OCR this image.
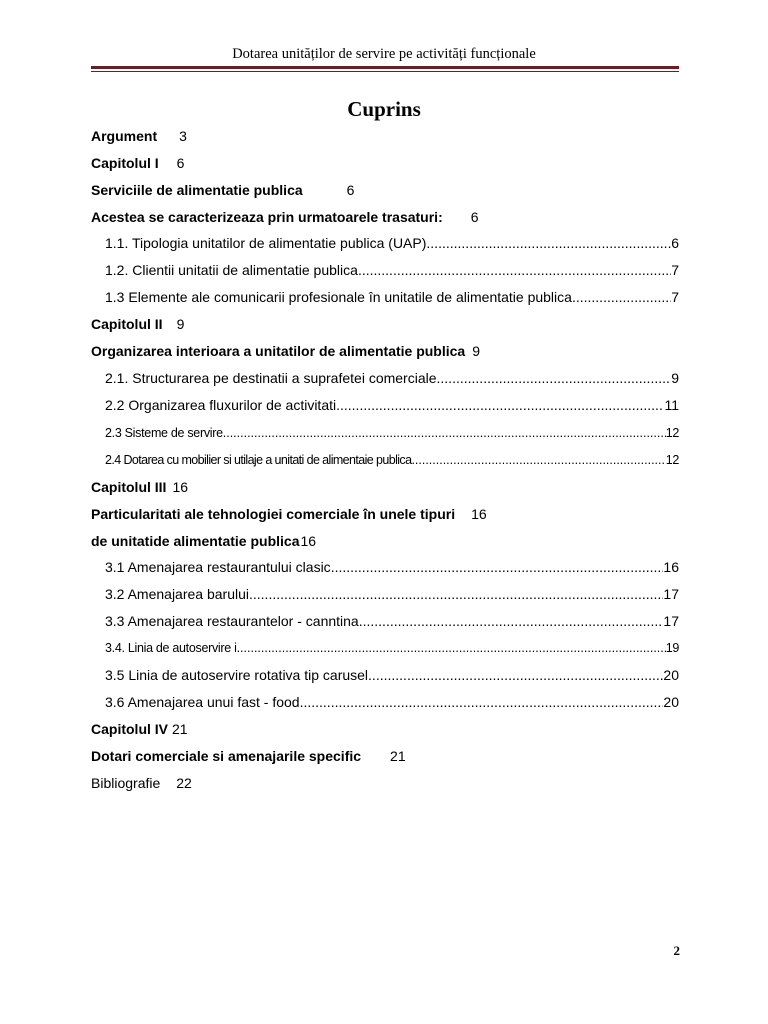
Dotarea unităților de servire pe activități funcționale
Cuprins
Argument 3
Capitolul I 6
Serviciile de alimentatie publica	6
Acestea se caracterizeaza prin urmatoarele trasaturi: 6
1.1. Tipologia unitatilor de alimentatie publica (UAP) .....	6
1.2. Clientii unitatii de alimentatie publica .....	7
1.3 Elemente ale comunicarii profesionale în unitatile de alimentatie publica .....	7
Capitolul II 9
Organizarea interioara a unitatilor de alimentatie publica 9
2.1. Structurarea pe destinatii a suprafetei comerciale .....	9
2.2 Organizarea fluxurilor de activitati .....	11
2.3 Sisteme de servire .....	12
2.4 Dotarea cu mobilier si utilaje a unitati de alimentaie publica .....	12
Capitolul III 16
Particularitati ale tehnologiei comerciale în unele tipuri 16
de unitatide alimentatie publica16
3.1 Amenajarea restaurantului clasic .....	16
3.2 Amenajarea barului .....	17
3.3 Amenajarea restaurantelor - canntina .....	17
3.4. Linia de autoservire i .....	19
3.5 Linia de autoservire rotativa tip carusel .....	20
3.6 Amenajarea unui fast - food .....	20
Capitolul IV 21
Dotari comerciale si amenajarile specific 21
Bibliografie 22
2
